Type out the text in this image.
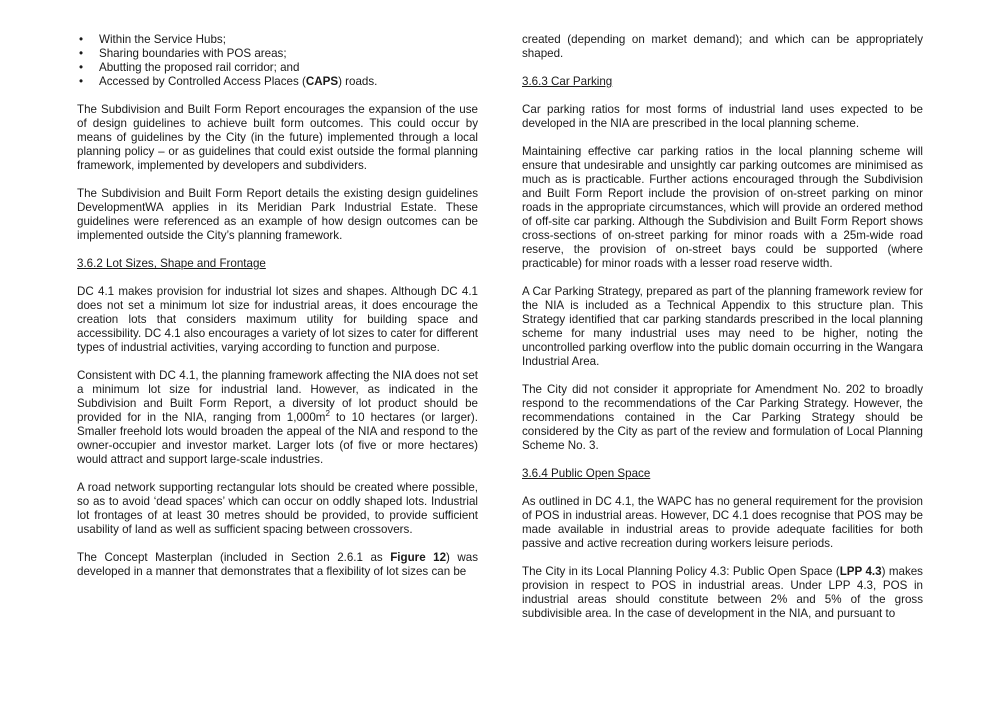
• Within the Service Hubs;
• Sharing boundaries with POS areas;
• Abutting the proposed rail corridor; and
• Accessed by Controlled Access Places (CAPS) roads.

The Subdivision and Built Form Report encourages the expansion of the use of design guidelines to achieve built form outcomes. This could occur by means of guidelines by the City (in the future) implemented through a local planning policy – or as guidelines that could exist outside the formal planning framework, implemented by developers and subdividers.

The Subdivision and Built Form Report details the existing design guidelines DevelopmentWA applies in its Meridian Park Industrial Estate. These guidelines were referenced as an example of how design outcomes can be implemented outside the City’s planning framework.

3.6.2 Lot Sizes, Shape and Frontage

DC 4.1 makes provision for industrial lot sizes and shapes. Although DC 4.1 does not set a minimum lot size for industrial areas, it does encourage the creation lots that considers maximum utility for building space and accessibility. DC 4.1 also encourages a variety of lot sizes to cater for different types of industrial activities, varying according to function and purpose.

Consistent with DC 4.1, the planning framework affecting the NIA does not set a minimum lot size for industrial land. However, as indicated in the Subdivision and Built Form Report, a diversity of lot product should be provided for in the NIA, ranging from $1,000m^2$ to 10 hectares (or larger). Smaller freehold lots would broaden the appeal of the NIA and respond to the owner-occupier and investor market. Larger lots (of five or more hectares) would attract and support large-scale industries.

A road network supporting rectangular lots should be created where possible, so as to avoid ‘dead spaces’ which can occur on oddly shaped lots. Industrial lot frontages of at least 30 metres should be provided, to provide sufficient usability of land as well as sufficient spacing between crossovers.

The Concept Masterplan (included in Section 2.6.1 as Figure 12) was developed in a manner that demonstrates that a flexibility of lot sizes can be

created (depending on market demand); and which can be appropriately shaped.

3.6.3 Car Parking

Car parking ratios for most forms of industrial land uses expected to be developed in the NIA are prescribed in the local planning scheme.

Maintaining effective car parking ratios in the local planning scheme will ensure that undesirable and unsightly car parking outcomes are minimised as much as is practicable. Further actions encouraged through the Subdivision and Built Form Report include the provision of on-street parking on minor roads in the appropriate circumstances, which will provide an ordered method of off-site car parking. Although the Subdivision and Built Form Report shows cross-sections of on-street parking for minor roads with a 25m-wide road reserve, the provision of on-street bays could be supported (where practicable) for minor roads with a lesser road reserve width.

A Car Parking Strategy, prepared as part of the planning framework review for the NIA is included as a Technical Appendix to this structure plan. This Strategy identified that car parking standards prescribed in the local planning scheme for many industrial uses may need to be higher, noting the uncontrolled parking overflow into the public domain occurring in the Wangara Industrial Area.

The City did not consider it appropriate for Amendment No. 202 to broadly respond to the recommendations of the Car Parking Strategy. However, the recommendations contained in the Car Parking Strategy should be considered by the City as part of the review and formulation of Local Planning Scheme No. 3.

3.6.4 Public Open Space

As outlined in DC 4.1, the WAPC has no general requirement for the provision of POS in industrial areas. However, DC 4.1 does recognise that POS may be made available in industrial areas to provide adequate facilities for both passive and active recreation during workers leisure periods.

The City in its Local Planning Policy 4.3: Public Open Space (LPP 4.3) makes provision in respect to POS in industrial areas. Under LPP 4.3, POS in industrial areas should constitute between 2% and 5% of the gross subdivisible area. In the case of development in the NIA, and pursuant to
